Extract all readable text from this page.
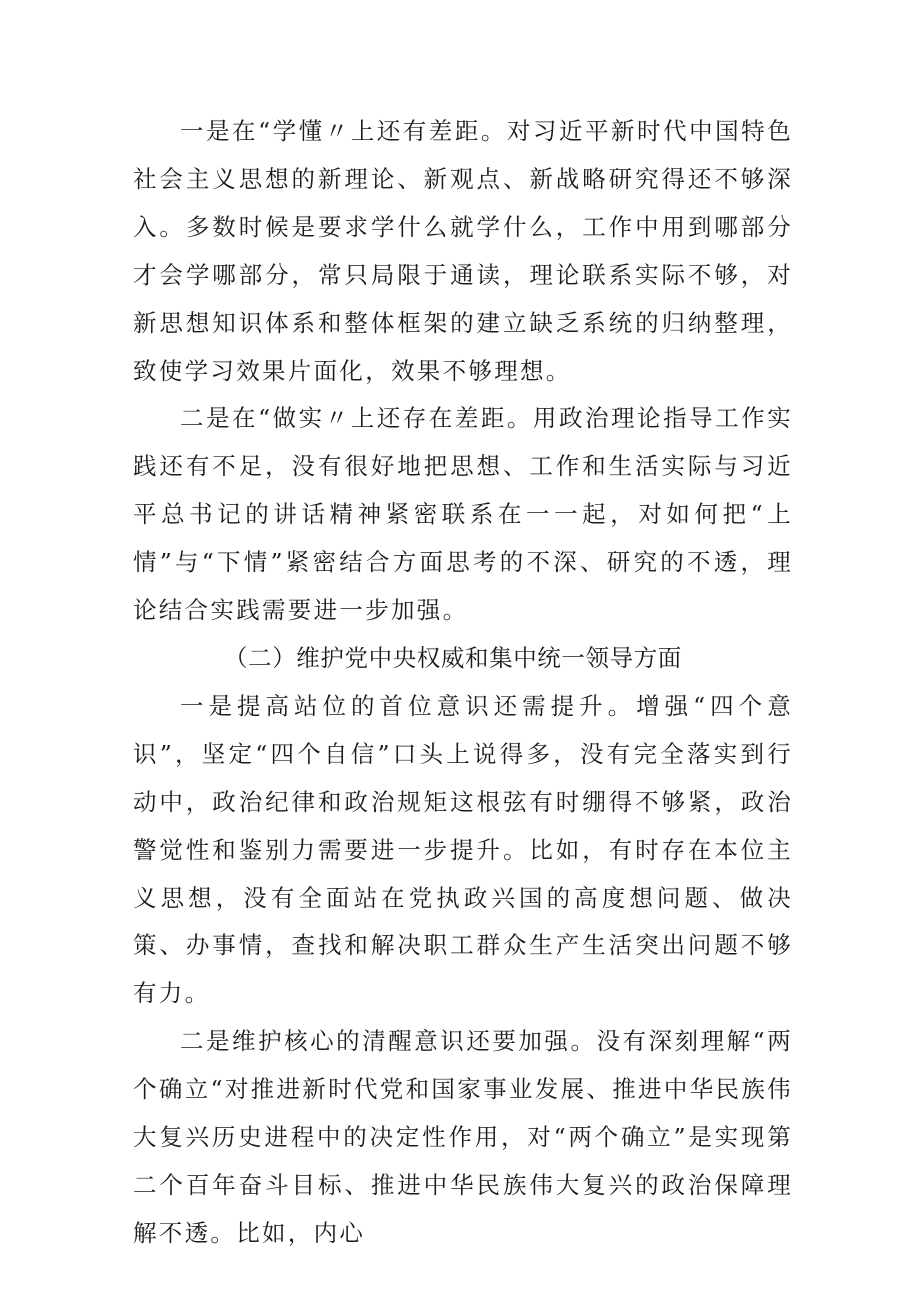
一是在“学懂〃上还有差距。对习近平新时代中国特色社会主义思想的新理论、新观点、新战略研究得还不够深入。多数时候是要求学什么就学什么，工作中用到哪部分才会学哪部分，常只局限于通读，理论联系实际不够，对新思想知识体系和整体框架的建立缺乏系统的归纳整理，致使学习效果片面化，效果不够理想。

二是在“做实〃上还存在差距。用政治理论指导工作实践还有不足，没有很好地把思想、工作和生活实际与习近平总书记的讲话精神紧密联系在一一起，对如何把“上情”与“下情”紧密结合方面思考的不深、研究的不透，理论结合实践需要进一步加强。

（二）维护党中央权威和集中统一领导方面

一是提高站位的首位意识还需提升。增强“四个意识”，坚定“四个自信”口头上说得多，没有完全落实到行动中，政治纪律和政治规矩这根弦有时绷得不够紧，政治警觉性和鉴别力需要进一步提升。比如，有时存在本位主义思想，没有全面站在党执政兴国的高度想问题、做决策、办事情，查找和解决职工群众生产生活突出问题不够有力。

二是维护核心的清醒意识还要加强。没有深刻理解“两个确立“对推进新时代党和国家事业发展、推进中华民族伟大复兴历史进程中的决定性作用，对“两个确立”是实现第二个百年奋斗目标、推进中华民族伟大复兴的政治保障理解不透。比如，内心
